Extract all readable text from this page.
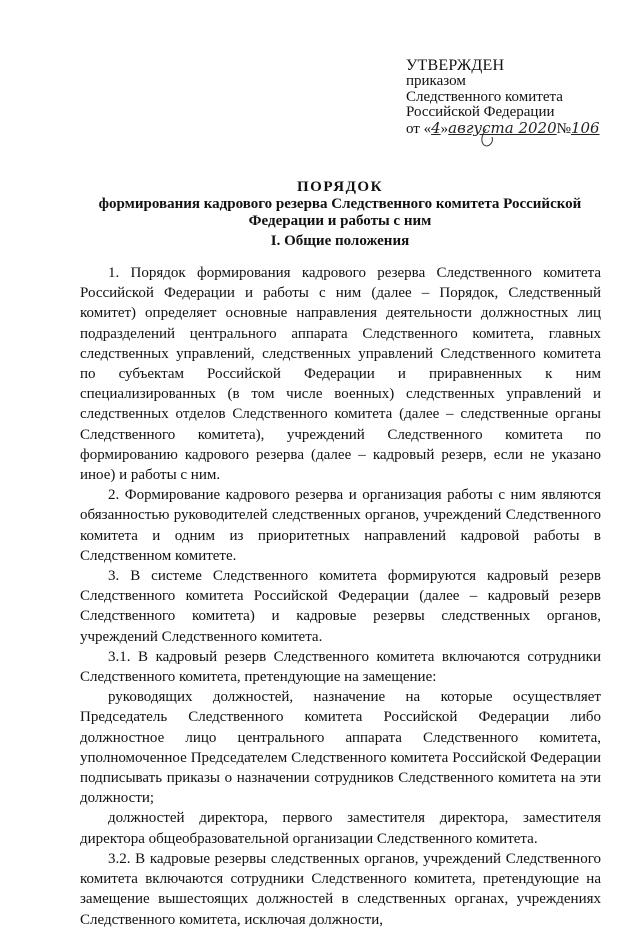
УТВЕРЖДЕН
приказом
Следственного комитета
Российской Федерации
от «4»августа 2020№106
ПОРЯДОК
формирования кадрового резерва Следственного комитета Российской
Федерации и работы с ним
I. Общие положения

1. Порядок формирования кадрового резерва Следственного комитета Российской Федерации и работы с ним (далее – Порядок, Следственный комитет) определяет основные направления деятельности должностных лиц подразделений центрального аппарата Следственного комитета, главных следственных управлений, следственных управлений Следственного комитета по субъектам Российской Федерации и приравненных к ним специализированных (в том числе военных) следственных управлений и следственных отделов Следственного комитета (далее – следственные органы Следственного комитета), учреждений Следственного комитета по формированию кадрового резерва (далее – кадровый резерв, если не указано иное) и работы с ним.

2. Формирование кадрового резерва и организация работы с ним являются обязанностью руководителей следственных органов, учреждений Следственного комитета и одним из приоритетных направлений кадровой работы в Следственном комитете.

3. В системе Следственного комитета формируются кадровый резерв Следственного комитета Российской Федерации (далее – кадровый резерв Следственного комитета) и кадровые резервы следственных органов, учреждений Следственного комитета.

3.1. В кадровый резерв Следственного комитета включаются сотрудники Следственного комитета, претендующие на замещение:

руководящих должностей, назначение на которые осуществляет Председатель Следственного комитета Российской Федерации либо должностное лицо центрального аппарата Следственного комитета, уполномоченное Председателем Следственного комитета Российской Федерации подписывать приказы о назначении сотрудников Следственного комитета на эти должности;

должностей директора, первого заместителя директора, заместителя директора общеобразовательной организации Следственного комитета.

3.2. В кадровые резервы следственных органов, учреждений Следственного комитета включаются сотрудники Следственного комитета, претендующие на замещение вышестоящих должностей в следственных органах, учреждениях Следственного комитета, исключая должности,
